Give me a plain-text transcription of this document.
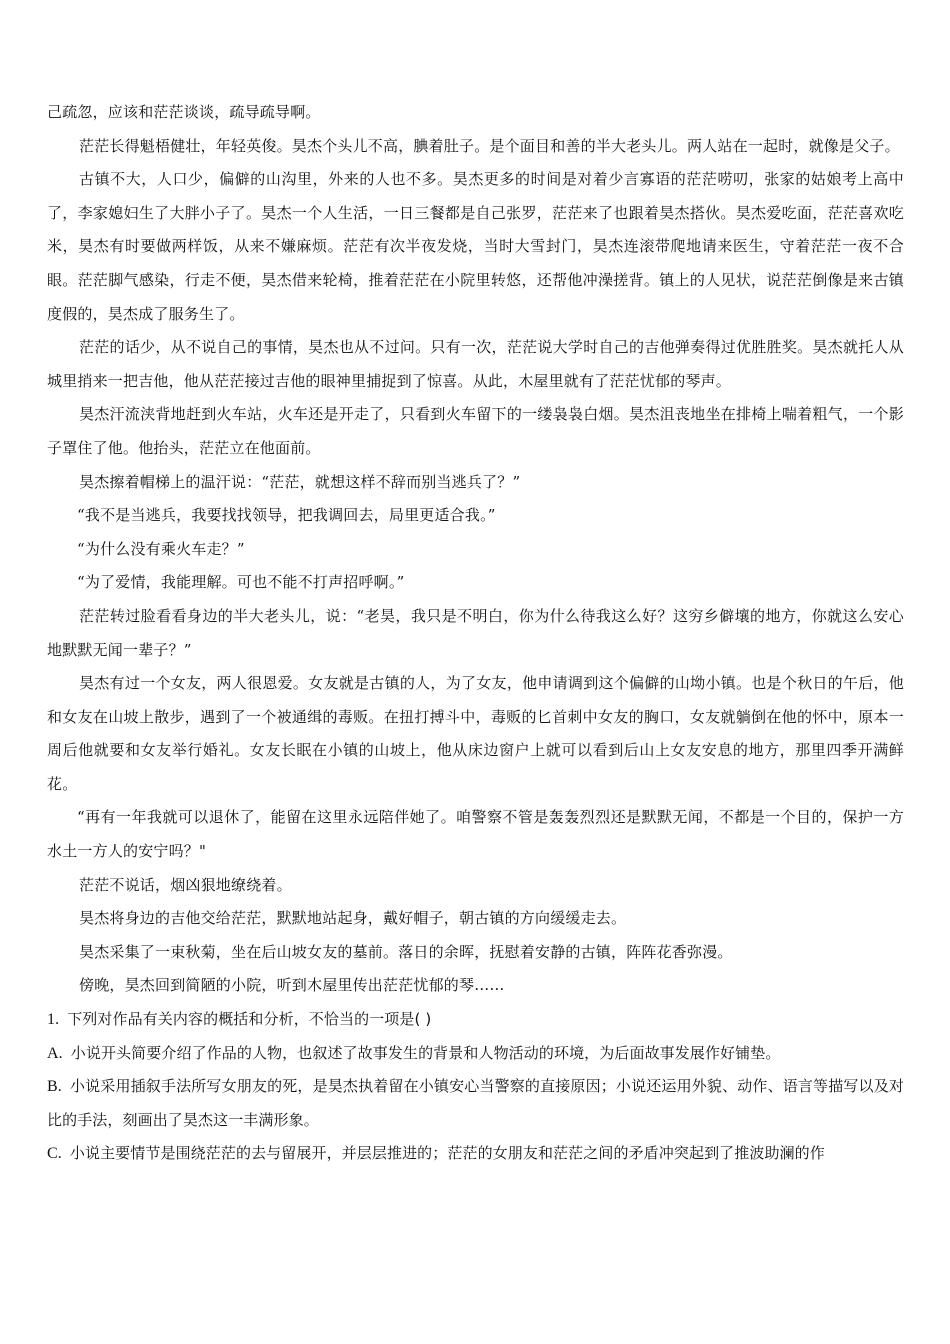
己疏忽，应该和茫茫谈谈，疏导疏导啊。

茫茫长得魁梧健壮，年轻英俊。昊杰个头儿不高，腆着肚子。是个面目和善的半大老头儿。两人站在一起时，就像是父子。

古镇不大，人口少，偏僻的山沟里，外来的人也不多。昊杰更多的时间是对着少言寡语的茫茫唠叨，张家的姑娘考上高中了，李家媳妇生了大胖小子了。昊杰一个人生活，一日三餐都是自己张罗，茫茫来了也跟着昊杰搭伙。昊杰爱吃面，茫茫喜欢吃米，昊杰有时要做两样饭，从来不嫌麻烦。茫茫有次半夜发烧，当时大雪封门，昊杰连滚带爬地请来医生，守着茫茫一夜不合眼。茫茫脚气感染，行走不便，昊杰借来轮椅，推着茫茫在小院里转悠，还帮他冲澡搓背。镇上的人见状，说茫茫倒像是来古镇度假的，昊杰成了服务生了。

茫茫的话少，从不说自己的事情，昊杰也从不过问。只有一次，茫茫说大学时自己的吉他弹奏得过优胜胜奖。昊杰就托人从城里捎来一把吉他，他从茫茫接过吉他的眼神里捕捉到了惊喜。从此，木屋里就有了茫茫忧郁的琴声。

昊杰汗流浃背地赶到火车站，火车还是开走了，只看到火车留下的一缕袅袅白烟。昊杰沮丧地坐在排椅上喘着粗气，一个影子罩住了他。他抬头，茫茫立在他面前。

昊杰擦着帽梯上的温汗说：“茫茫，就想这样不辞而别当逃兵了？”

“我不是当逃兵，我要找找领导，把我调回去，局里更适合我。”

“为什么没有乘火车走？”

“为了爱情，我能理解。可也不能不打声招呼啊。”

茫茫转过脸看看身边的半大老头儿，说：“老昊，我只是不明白，你为什么待我这么好？这穷乡僻壤的地方，你就这么安心地默默无闻一辈子？”

昊杰有过一个女友，两人很恩爱。女友就是古镇的人，为了女友，他申请调到这个偏僻的山坳小镇。也是个秋日的午后，他和女友在山坡上散步，遇到了一个被通缉的毒贩。在扭打搏斗中，毒贩的匕首刺中女友的胸口，女友就躺倒在他的怀中，原本一周后他就要和女友举行婚礼。女友长眠在小镇的山坡上，他从床边窗户上就可以看到后山上女友安息的地方，那里四季开满鲜花。

“再有一年我就可以退休了，能留在这里永远陪伴她了。咱警察不管是轰轰烈烈还是默默无闻，不都是一个目的，保护一方水土一方人的安宁吗？"

茫茫不说话，烟凶狠地缭绕着。

昊杰将身边的吉他交给茫茫，默默地站起身，戴好帽子，朝古镇的方向缓缓走去。

昊杰采集了一束秋菊，坐在后山坡女友的墓前。落日的余晖，抚慰着安静的古镇，阵阵花香弥漫。

傍晚，昊杰回到简陋的小院，听到木屋里传出茫茫忧郁的琴……

1. 下列对作品有关内容的概括和分析，不恰当的一项是( )

A. 小说开头简要介绍了作品的人物，也叙述了故事发生的背景和人物活动的环境，为后面故事发展作好铺垫。

B. 小说采用插叙手法所写女朋友的死，是昊杰执着留在小镇安心当警察的直接原因；小说还运用外貌、动作、语言等描写以及对比的手法，刻画出了昊杰这一丰满形象。

C. 小说主要情节是围绕茫茫的去与留展开，并层层推进的；茫茫的女朋友和茫茫之间的矛盾冲突起到了推波助澜的作
